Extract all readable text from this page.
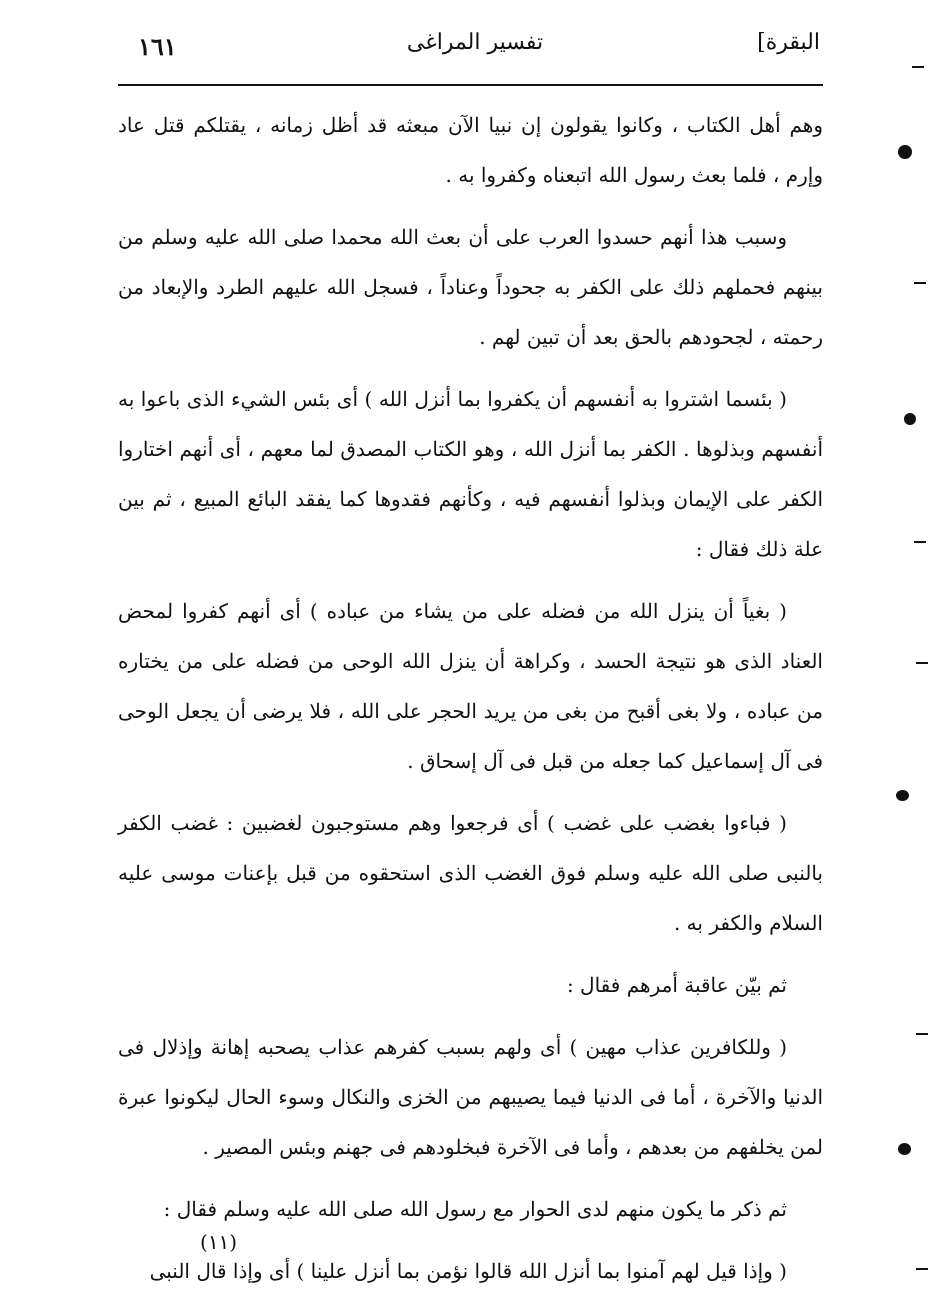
البقرة]
تفسير المراغى
١٦١

وهم أهل الكتاب ، وكانوا يقولون إن نبيا الآن مبعثه قد أظل زمانه ، يقتلكم قتل عاد وإرم ، فلما بعث رسول الله اتبعناه وكفروا به .

وسبب هذا أنهم حسدوا العرب على أن بعث الله محمدا صلى الله عليه وسلم من بينهم فحملهم ذلك على الكفر به جحوداً وعناداً ، فسجل الله عليهم الطرد والإبعاد من رحمته ، لجحودهم بالحق بعد أن تبين لهم .

( بئسما اشتروا به أنفسهم أن يكفروا بما أنزل الله ) أى بئس الشيء الذى باعوا به أنفسهم وبذلوها . الكفر بما أنزل الله ، وهو الكتاب المصدق لما معهم ، أى أنهم اختاروا الكفر على الإيمان وبذلوا أنفسهم فيه ، وكأنهم فقدوها كما يفقد البائع المبيع ، ثم بين علة ذلك فقال :

( بغياً أن ينزل الله من فضله على من يشاء من عباده ) أى أنهم كفروا لمحض العناد الذى هو نتيجة الحسد ، وكراهة أن ينزل الله الوحى من فضله على من يختاره من عباده ، ولا بغى أقبح من بغى من يريد الحجر على الله ، فلا يرضى أن يجعل الوحى فى آل إسماعيل كما جعله من قبل فى آل إسحاق .

( فباءوا بغضب على غضب ) أى فرجعوا وهم مستوجبون لغضبين : غضب الكفر بالنبى صلى الله عليه وسلم فوق الغضب الذى استحقوه من قبل بإعنات موسى عليه السلام والكفر به .

ثم بيّن عاقبة أمرهم فقال :

( وللكافرين عذاب مهين ) أى ولهم بسبب كفرهم عذاب يصحبه إهانة وإذلال فى الدنيا والآخرة ، أما فى الدنيا فيما يصيبهم من الخزى والنكال وسوء الحال ليكونوا عبرة لمن يخلفهم من بعدهم ، وأما فى الآخرة فبخلودهم فى جهنم وبئس المصير .

ثم ذكر ما يكون منهم لدى الحوار مع رسول الله صلى الله عليه وسلم فقال :

( وإذا قيل لهم آمنوا بما أنزل الله قالوا نؤمن بما أنزل علينا ) أى وإذا قال النبى

(١١)
